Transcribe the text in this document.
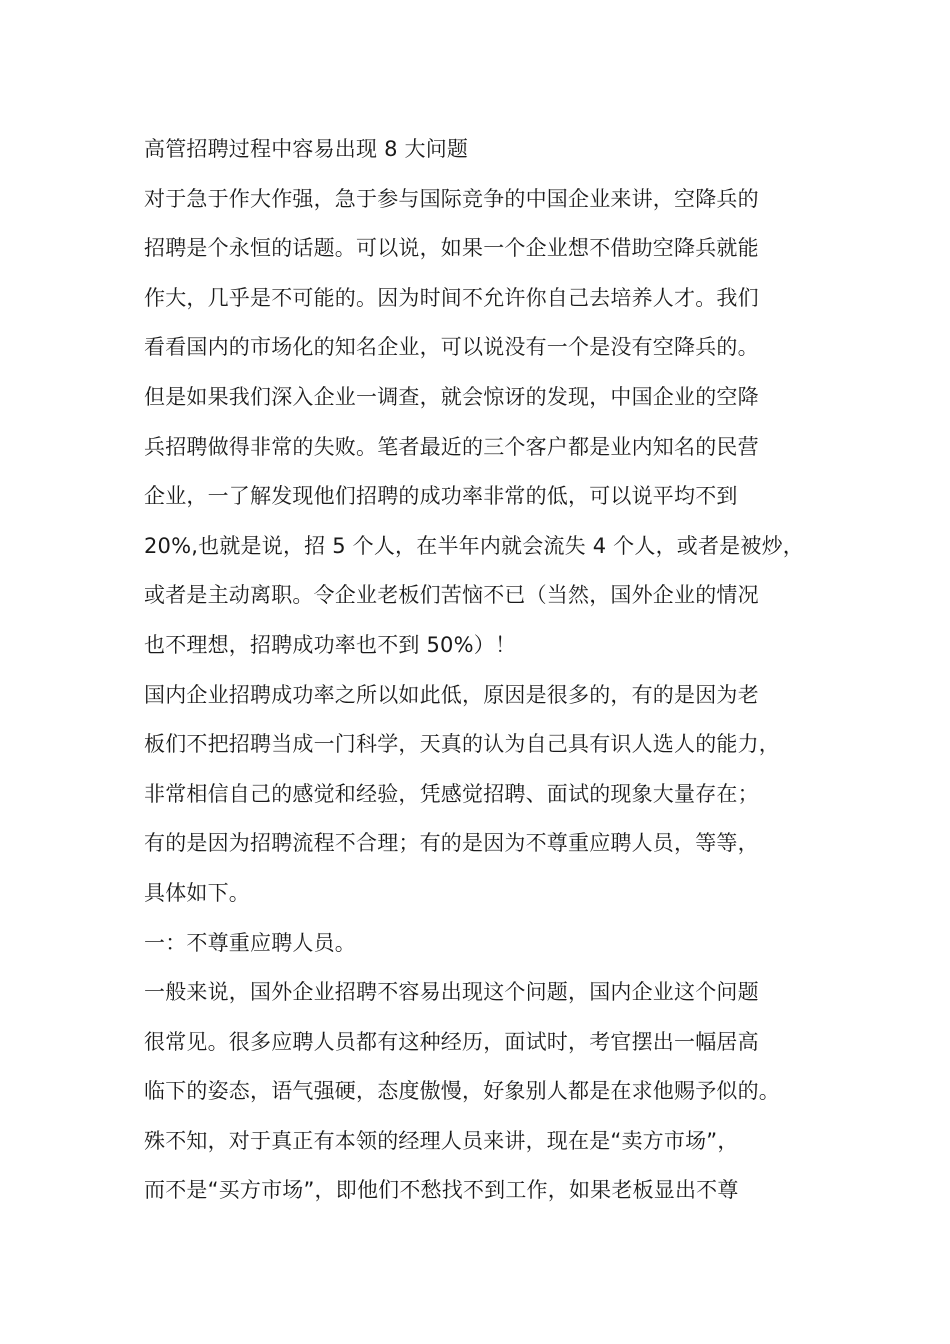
高管招聘过程中容易出现 8 大问题
对于急于作大作强，急于参与国际竞争的中国企业来讲，空降兵的
招聘是个永恒的话题。可以说，如果一个企业想不借助空降兵就能
作大，几乎是不可能的。因为时间不允许你自己去培养人才。我们
看看国内的市场化的知名企业，可以说没有一个是没有空降兵的。
但是如果我们深入企业一调查，就会惊讶的发现，中国企业的空降
兵招聘做得非常的失败。笔者最近的三个客户都是业内知名的民营
企业，一了解发现他们招聘的成功率非常的低，可以说平均不到
20%,也就是说，招 5 个人，在半年内就会流失 4 个人，或者是被炒，
或者是主动离职。令企业老板们苦恼不已（当然，国外企业的情况
也不理想，招聘成功率也不到 50%）！
国内企业招聘成功率之所以如此低，原因是很多的，有的是因为老
板们不把招聘当成一门科学，天真的认为自己具有识人选人的能力，
非常相信自己的感觉和经验，凭感觉招聘、面试的现象大量存在；
有的是因为招聘流程不合理；有的是因为不尊重应聘人员，等等，
具体如下。
一：不尊重应聘人员。
一般来说，国外企业招聘不容易出现这个问题，国内企业这个问题
很常见。很多应聘人员都有这种经历，面试时，考官摆出一幅居高
临下的姿态，语气强硬，态度傲慢，好象别人都是在求他赐予似的。
殊不知，对于真正有本领的经理人员来讲，现在是“卖方市场”，
而不是“买方市场”，即他们不愁找不到工作，如果老板显出不尊
